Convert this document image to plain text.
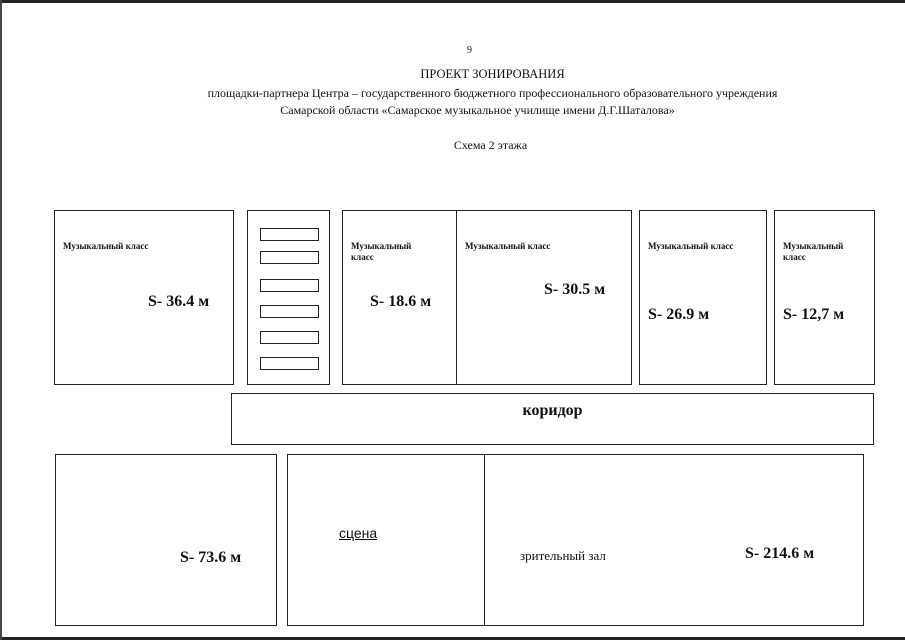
9
ПРОЕКТ ЗОНИРОВАНИЯ
площадки-партнера Центра – государственного бюджетного профессионального образовательного учреждения
Самарской области «Самарское музыкальное училище имени Д.Г.Шаталова»
Схема 2 этажа
Музыкальный класс
S- 36.4 м
Музыкальный класс
S- 18.6 м
Музыкальный класс
S- 30.5 м
Музыкальный класс
S- 26.9 м
Музыкальный класс
S- 12,7 м
коридор
S- 73.6 м
сцена
зрительный зал	S- 214.6 м
